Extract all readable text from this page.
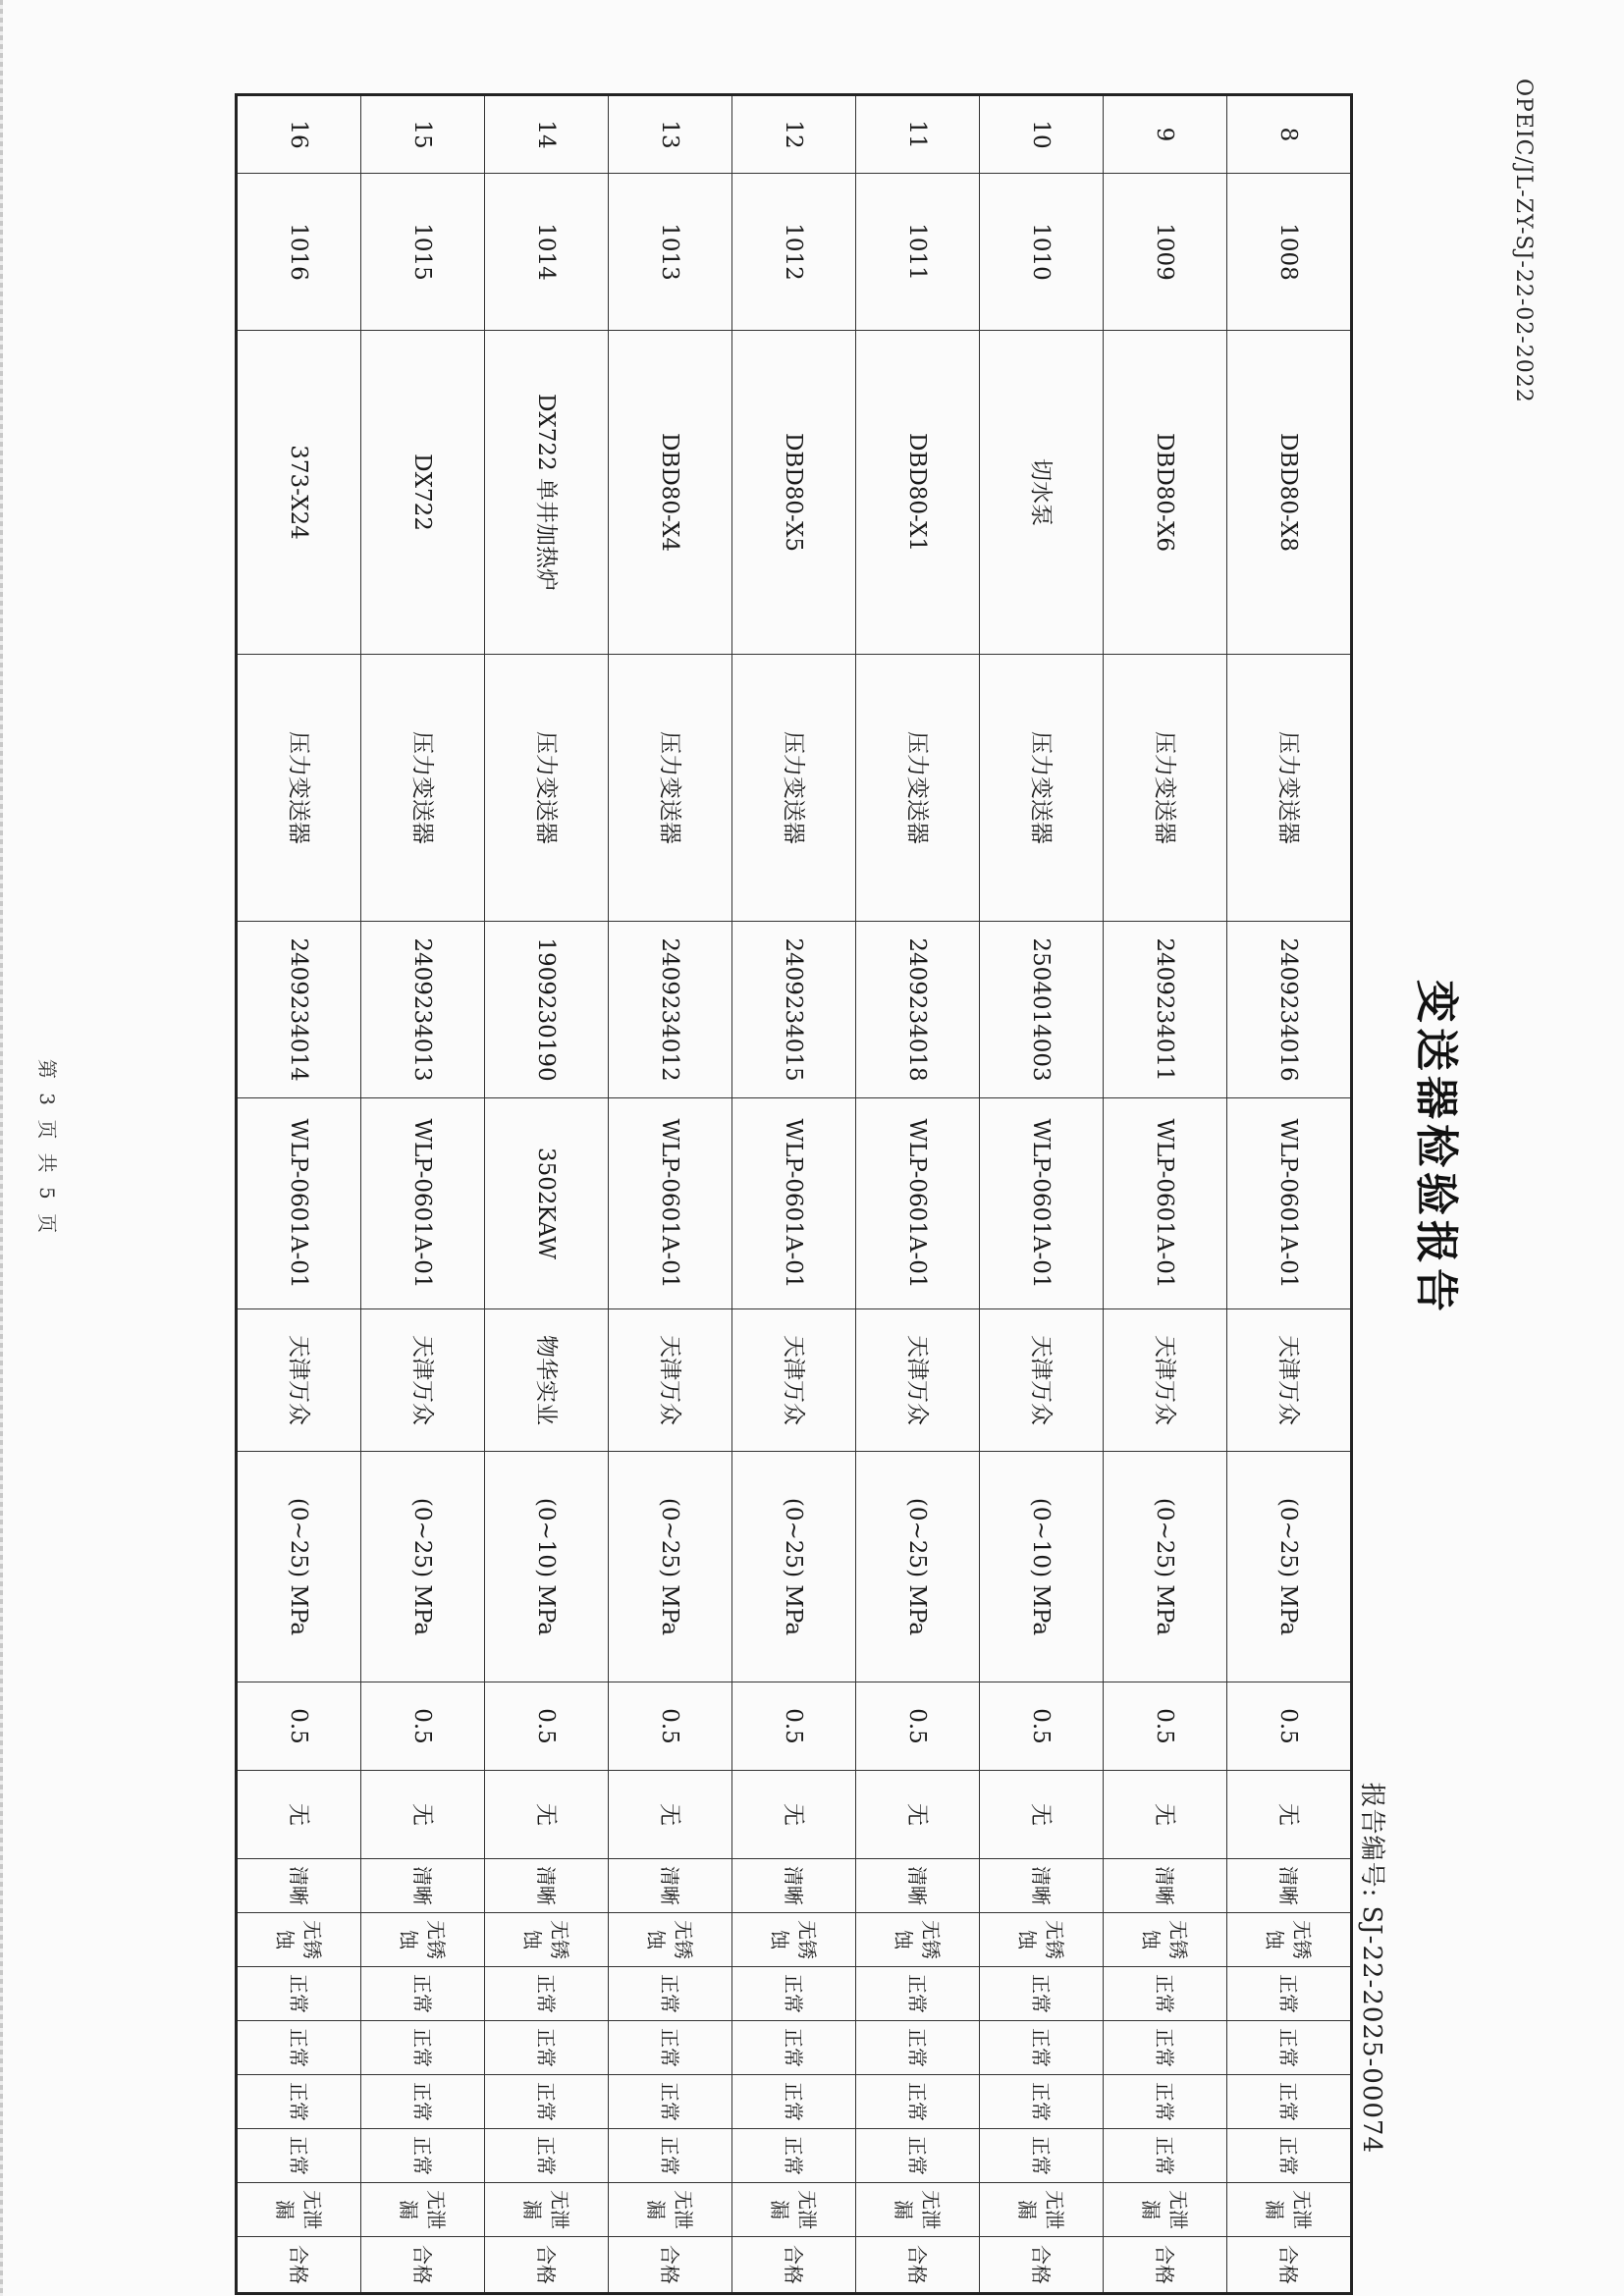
OPEIC/JL-ZY-SJ-22-02-2022
变送器检验报告
报告编号:SJ-22-2025-00074
8	1008	DBD80-X8	压力变送器	2409234016	WLP-0601A-01	天津万众	(0~25) MPa	0.5	无	清晰	无锈蚀	正常	正常	正常	正常	无泄漏	合格
9	1009	DBD80-X6	压力变送器	2409234011	WLP-0601A-01	天津万众	(0~25) MPa	0.5	无	清晰	无锈蚀	正常	正常	正常	正常	无泄漏	合格
10	1010	切水泵	压力变送器	2504014003	WLP-0601A-01	天津万众	(0~10) MPa	0.5	无	清晰	无锈蚀	正常	正常	正常	正常	无泄漏	合格
11	1011	DBD80-X1	压力变送器	2409234018	WLP-0601A-01	天津万众	(0~25) MPa	0.5	无	清晰	无锈蚀	正常	正常	正常	正常	无泄漏	合格
12	1012	DBD80-X5	压力变送器	2409234015	WLP-0601A-01	天津万众	(0~25) MPa	0.5	无	清晰	无锈蚀	正常	正常	正常	正常	无泄漏	合格
13	1013	DBD80-X4	压力变送器	2409234012	WLP-0601A-01	天津万众	(0~25) MPa	0.5	无	清晰	无锈蚀	正常	正常	正常	正常	无泄漏	合格
14	1014	DX722 单井加热炉	压力变送器	1909230190	3502KAW	物华实业	(0~10) MPa	0.5	无	清晰	无锈蚀	正常	正常	正常	正常	无泄漏	合格
15	1015	DX722	压力变送器	2409234013	WLP-0601A-01	天津万众	(0~25) MPa	0.5	无	清晰	无锈蚀	正常	正常	正常	正常	无泄漏	合格
16	1016	373-X24	压力变送器	2409234014	WLP-0601A-01	天津万众	(0~25) MPa	0.5	无	清晰	无锈蚀	正常	正常	正常	正常	无泄漏	合格
第 3 页 共 5 页
